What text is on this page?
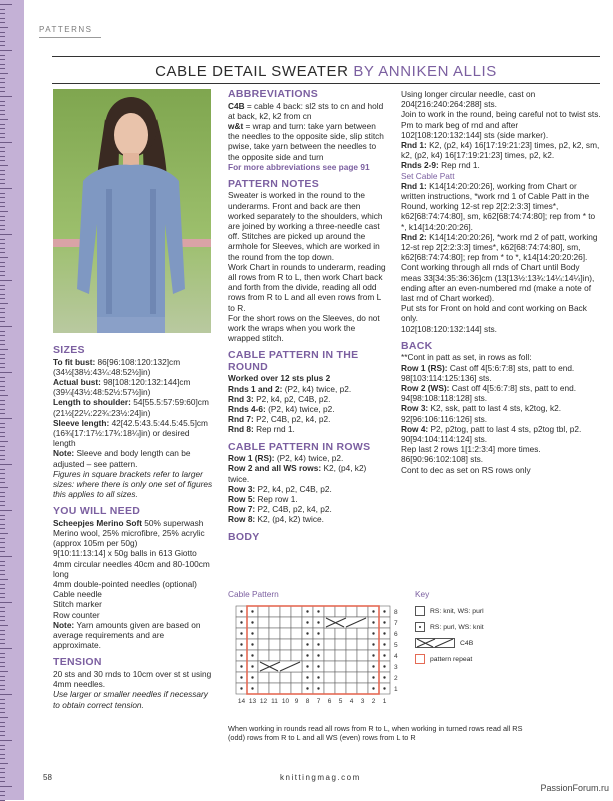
PATTERNS
CABLE DETAIL SWEATER BY ANNIKEN ALLIS
SIZES

To fit bust: 86[96:108:120:132]cm (34½[38½:43¼:48:52½]in)

Actual bust: 98[108:120:132:144]cm (39¼[43½:48:52½:57½]in)

Length to shoulder: 54[55.5:57:59:60]cm (21½[22¼:22¾:23½:24]in)

Sleeve length: 42[42.5:43.5:44.5:45.5]cm (16¾[17:17½:17¾:18¼]in) or desired length

Note: Sleeve and body length can be adjusted – see pattern.

Figures in square brackets refer to larger sizes: where there is only one set of figures this applies to all sizes.

YOU WILL NEED

Scheepjes Merino Soft 50% superwash Merino wool, 25% microfibre, 25% acrylic (approx 105m per 50g)

9[10:11:13:14] x 50g balls in 613 Giotto

4mm circular needles 40cm and 80-100cm long

4mm double-pointed needles (optional)

Cable needle

Stitch marker

Row counter

Note: Yarn amounts given are based on average requirements and are approximate.

TENSION

20 sts and 30 rnds to 10cm over st st using 4mm needles.

Use larger or smaller needles if necessary to obtain correct tension.

ABBREVIATIONS

C4B = cable 4 back: sl2 sts to cn and hold at back, k2, k2 from cn

w&t = wrap and turn: take yarn between the needles to the opposite side, slip stitch pwise, take yarn between the needles to the opposite side and turn

For more abbreviations see page 91

PATTERN NOTES

Sweater is worked in the round to the underarms. Front and back are then worked separately to the shoulders, which are joined by working a three-needle cast off. Stitches are picked up around the armhole for Sleeves, which are worked in the round from the top down.

Work Chart in rounds to underarm, reading all rows from R to L, then work Chart back and forth from the divide, reading all odd rows from R to L and all even rows from L to R.

For the short rows on the Sleeves, do not work the wraps when you work the wrapped stitch.

CABLE PATTERN IN THE ROUND

Worked over 12 sts plus 2

Rnds 1 and 2: (P2, k4) twice, p2.

Rnd 3: P2, k4, p2, C4B, p2.

Rnds 4-6: (P2, k4) twice, p2.

Rnd 7: P2, C4B, p2, k4, p2.

Rnd 8: Rep rnd 1.

CABLE PATTERN IN ROWS

Row 1 (RS): (P2, k4) twice, p2.

Row 2 and all WS rows: K2, (p4, k2) twice.

Row 3: P2, k4, p2, C4B, p2.

Row 5: Rep row 1.

Row 7: P2, C4B, p2, k4, p2.

Row 8: K2, (p4, k2) twice.

BODY

Using longer circular needle, cast on 204[216:240:264:288] sts.

Join to work in the round, being careful not to twist sts. Pm to mark beg of rnd and after 102[108:120:132:144] sts (side marker).

Rnd 1: K2, (p2, k4) 16[17:19:21:23] times, p2, k2, sm, k2, (p2, k4) 16[17:19:21:23] times, p2, k2.

Rnds 2-9: Rep rnd 1.

Set Cable Patt

Rnd 1: K14[14:20:20:26], working from Chart or written instructions, *work rnd 1 of Cable Patt in the Round, working 12-st rep 2[2:2:3:3] times*, k62[68:74:74:80], sm, k62[68:74:74:80]; rep from * to *, k14[14:20:20:26].

Rnd 2: K14[14:20:20:26], *work rnd 2 of patt, working 12-st rep 2[2:2:3:3] times*, k62[68:74:74:80], sm, k62[68:74:74:80]; rep from * to *, k14[14:20:20:26].

Cont working through all rnds of Chart until Body meas 33[34:35:36:36]cm (13[13½:13¾:14¼:14¼]in), ending after an even-numbered rnd (make a note of last rnd of Chart worked).

Put sts for Front on hold and cont working on Back only.

102[108:120:132:144] sts.

BACK

**Cont in patt as set, in rows as foll:

Row 1 (RS): Cast off 4[5:6:7:8] sts, patt to end. 98[103:114:125:136] sts.

Row 2 (WS): Cast off 4[5:6:7:8] sts, patt to end. 94[98:108:118:128] sts.

Row 3: K2, ssk, patt to last 4 sts, k2tog, k2. 92[96:106:116:126] sts.

Row 4: P2, p2tog, patt to last 4 sts, p2tog tbl, p2. 90[94:104:114:124] sts.

Rep last 2 rows 1[1:2:3:4] more times. 86[90:96:102:108] sts.

Cont to dec as set on RS rows only

Cable Pattern
8
7
6
5
4
3
2
1
14 13 12 11 10 9 8 7 6 5 4 3 2 1
Key
RS: knit, WS: purl
RS: purl, WS: knit
C4B
pattern repeat
When working in rounds read all rows from R to L, when working in turned rows read all RS (odd) rows from R to L and all WS (even) rows from L to R
58	knittingmag.com
PassionForum.ru
